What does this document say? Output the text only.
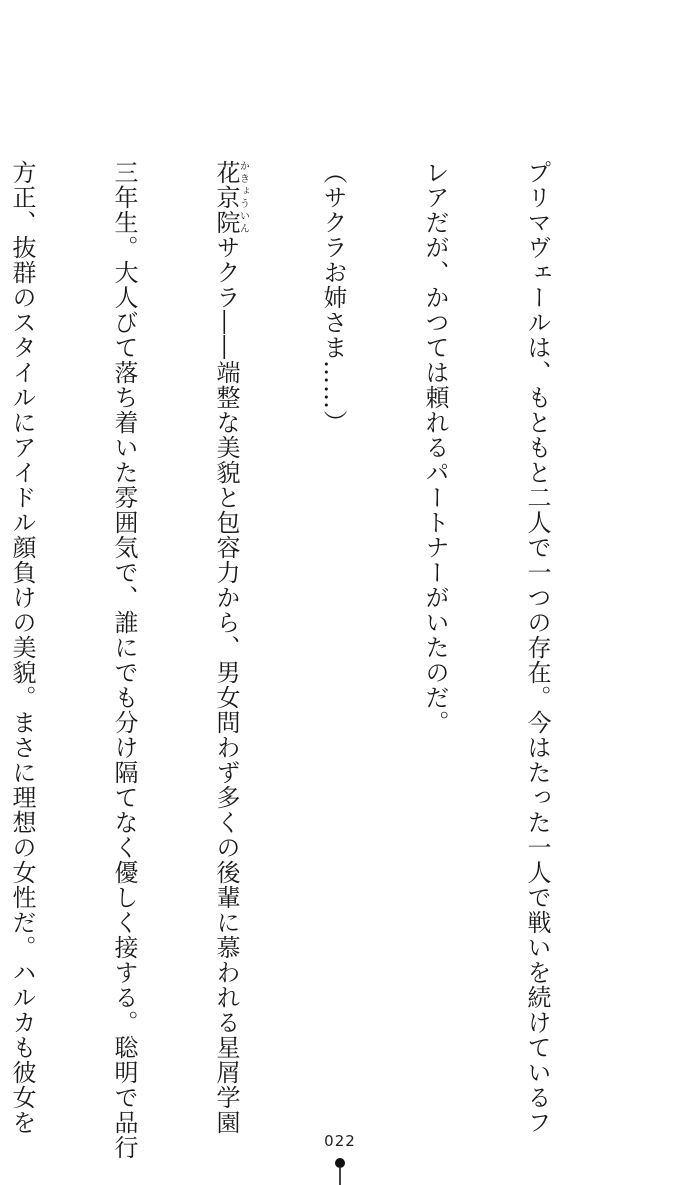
プリマヴェールは、もともと二人で一つの存在。今はたった一人で戦いを続けているフ

レアだが、かつては頼れるパートナーがいたのだ。

（サクラお姉さま……）

花京院かきょういんサクラ――端整な美貌と包容力から、男女問わず多くの後輩に慕われる星屑学園

三年生。大人びて落ち着いた雰囲気で、誰にでも分け隔てなく優しく接する。聡明で品行

方正、抜群のスタイルにアイドル顔負けの美貌。まさに理想の女性だ。ハルカも彼女を

022
